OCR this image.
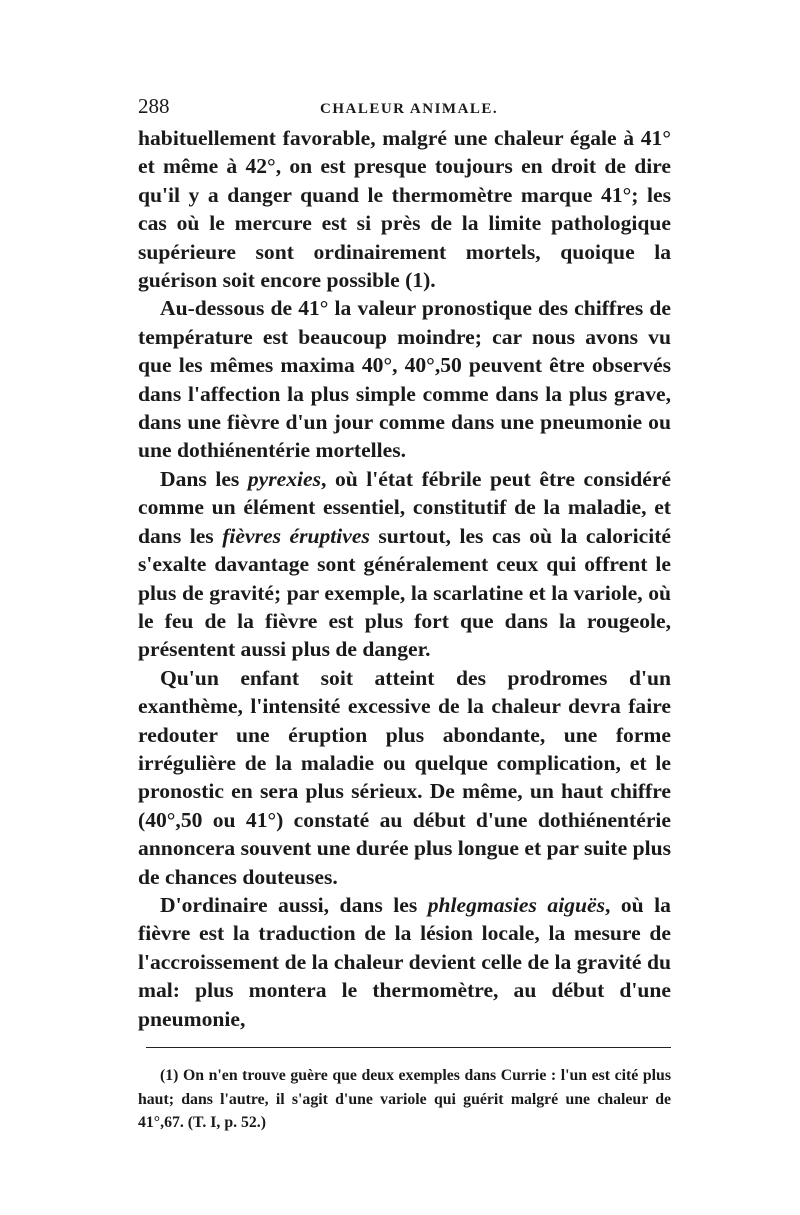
288	CHALEUR ANIMALE.

habituellement favorable, malgré une chaleur égale à 41° et même à 42°, on est presque toujours en droit de dire qu'il y a danger quand le thermomètre marque 41°; les cas où le mercure est si près de la limite pathologique supérieure sont ordinairement mortels, quoique la guérison soit encore possible (1).

Au-dessous de 41° la valeur pronostique des chiffres de température est beaucoup moindre; car nous avons vu que les mêmes maxima 40°, 40°,50 peuvent être observés dans l'affection la plus simple comme dans la plus grave, dans une fièvre d'un jour comme dans une pneumonie ou une dothiénentérie mortelles.

Dans les pyrexies, où l'état fébrile peut être considéré comme un élément essentiel, constitutif de la maladie, et dans les fièvres éruptives surtout, les cas où la caloricité s'exalte davantage sont généralement ceux qui offrent le plus de gravité; par exemple, la scarlatine et la variole, où le feu de la fièvre est plus fort que dans la rougeole, présentent aussi plus de danger.

Qu'un enfant soit atteint des prodromes d'un exanthème, l'intensité excessive de la chaleur devra faire redouter une éruption plus abondante, une forme irrégulière de la maladie ou quelque complication, et le pronostic en sera plus sérieux. De même, un haut chiffre (40°,50 ou 41°) constaté au début d'une dothiénentérie annoncera souvent une durée plus longue et par suite plus de chances douteuses.

D'ordinaire aussi, dans les phlegmasies aiguës, où la fièvre est la traduction de la lésion locale, la mesure de l'accroissement de la chaleur devient celle de la gravité du mal: plus montera le thermomètre, au début d'une pneumonie,

(1) On n'en trouve guère que deux exemples dans Currie : l'un est cité plus haut; dans l'autre, il s'agit d'une variole qui guérit malgré une chaleur de 41°,67. (T. I, p. 52.)
